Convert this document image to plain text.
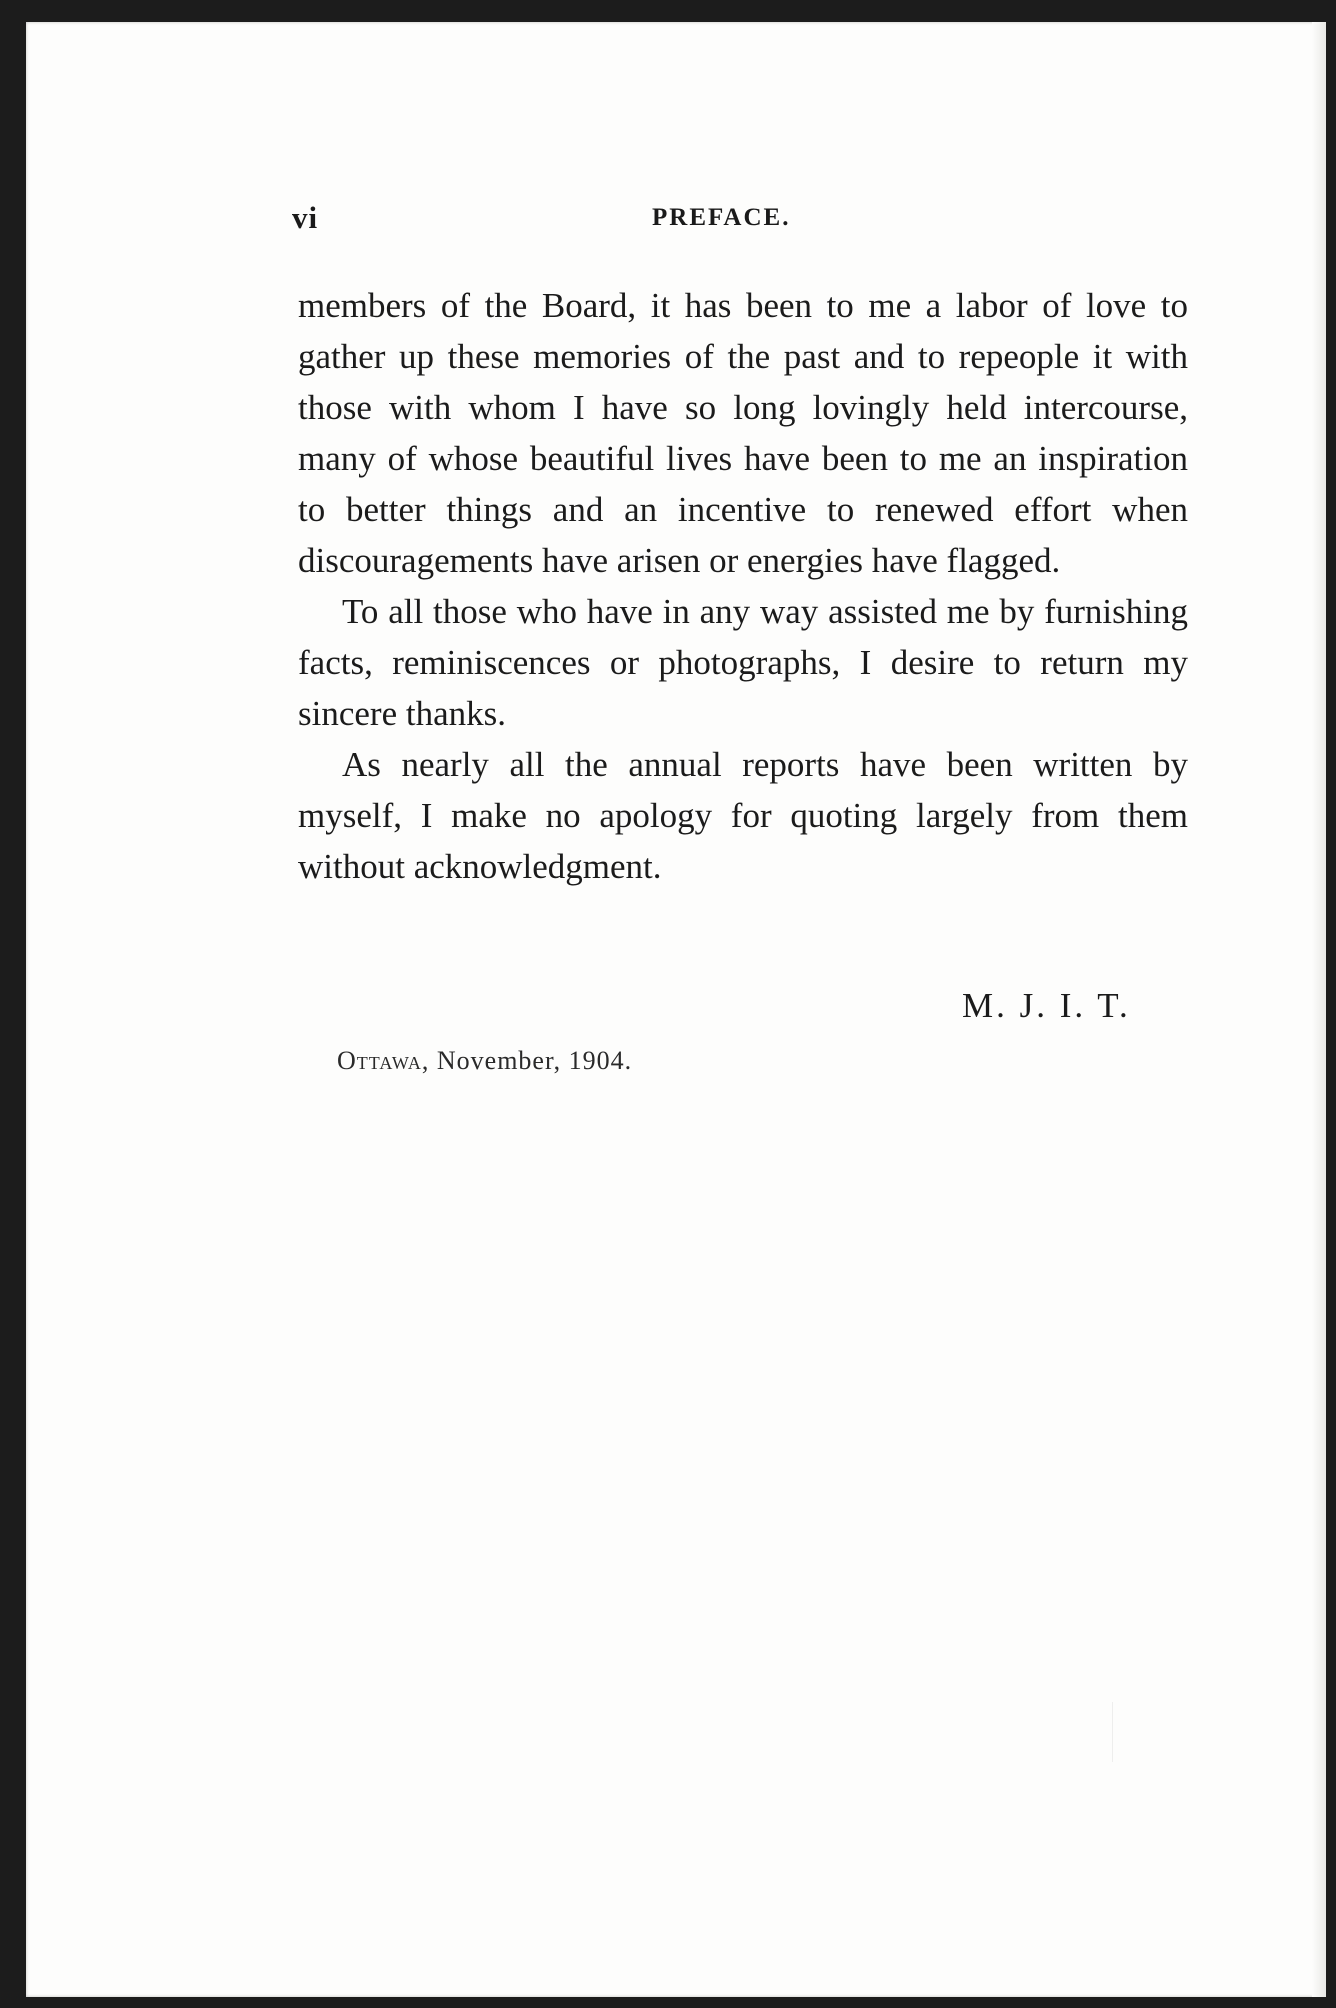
vi	PREFACE.

members of the Board, it has been to me a labor of love to gather up these memories of the past and to repeople it with those with whom I have so long lovingly held intercourse, many of whose beautiful lives have been to me an inspiration to better things and an incentive to renewed effort when discouragements have arisen or energies have flagged.

To all those who have in any way assisted me by furnishing facts, reminiscences or photographs, I desire to return my sincere thanks.

As nearly all the annual reports have been written by myself, I make no apology for quoting largely from them without acknowledgment.

M. J. I. T.
Ottawa, November, 1904.
